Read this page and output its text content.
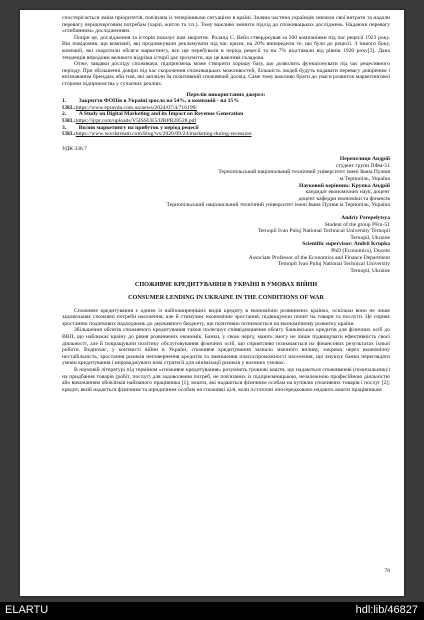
спостерігається зміна пріоритетів, пов'язана із теперішньою ситуацією в країні. Значна частина українців знизили свої витрати та надали перевагу першочерговим потребам (харчі, житло та т.п.). Тому важливо змінити підхід до споживацьких досліджень. Надаючи перевагу «глибинним» дослідженням.

Попри це, дослідження та історія показує нам зворотнє. Роланд С. Вейл стверджував за 200 компаніями під час рецесії 1923 року. Він повідомив, що компанії, які продовжували рекламувати під час кризи, на 20% випередили те, що було до рецесії. З іншого боку, компанії, які скоротили обсяги маркетингу, все ще перебували в період рецесії та на 7% відставали від рівнів 1920 року[3]. Дана тенденція впродовж великого відрізка історії дає зрозуміти, що це важлива складова.

Отже, завдяки досліду споживача, підприємець може створити хорошу базу, що дозволить функціонувати під час рецесивного періоду. При збільшенні довіри під час скорочення споживацьких можливостей, більшість людей будуть надавати перевагу довіреним і впізнаваним брендам, аби тим, які заплили їм позитивний споживчий досвід. Саме тому важливо брати до уваги розвиток маркетингової сторони підприємства у сучасних реаліях.

Перелік використаних джерел:

1.         Закриття ФОПів в Україні зросло на 54%, а компаній - на 15%

URL:https://www.epravda.com.ua/news/2024/07/4/716199/

2.         A Study on Digital Marketing and its Impact on Revenue Generation

URL:https://ijrpr.com/uploads/V5ISSUE5/IJRPR28528.pdf

3.         Вплив маркетингу на прибуток у період рецесії

URL:https://www.wordstream.com/blog/ws/2020/09/24/marketing-during-recession

УДК 336.7

Перепелиця Андрій
студент групи ПФм-51
Тернопільський національний технічний університет імені Івана Пулюя
м.Тернопіль, Україна
Науковий керівник: Крупка Андрій
кандидат економічних наук, доцент
доцент кафедри економіки та фінансів
Тернопільський національний технічний університет імені Івана Пулюя м.Тернопіль, Україна
Andriy Perepelytsya
Student of the group PFm-51
Ternopil Ivan Puluj National Technical University Ternopil
Ternopil, Ukraine
Scientific supervisor: Andrii Krupka
PhD (Economics), Docent
Associate Professor of the Economics and Finance Department
Ternopil Ivan Puluj National Technical University
Ternopil, Ukraine
СПОЖИВЧЕ КРЕДИТУВАННЯ В УКРАЇНІ В УМОВАХ ВІЙНИ
CONSUMER LENDING IN UKRAINE IN THE CONDITIONS OF WAR

Споживче кредитування є одним із найпоширеніших видів кредиту в економічно розвинених країнах, оскільки воно не лише задовольняє споживчі потреби населення, але й стимулює економічне зростання, підвищуючи попит на товари та послуги. Це сприяє зростанню податкових надходжень до державного бюджету, що позитивно позначається на економічному розвитку країни.

Збільшення обсягів споживчого кредитування також полегшує співвідношення обсягу банківських кредитів для фізичних осіб до ВВП, що наближає країну до рівня розвинених економік. Банки, у свою чергу, мають змогу не лише підвищувати ефективність своєї діяльності, але й покращувати політику обслуговування фізичних осіб, що сприятливо позначається на фінансових результатах їхньої роботи. Водночас, у контексті війни в Україні, споживче кредитування зазнало значного впливу, зокрема через економічну нестабільність, зростання ризиків неповернення кредитів та зменшення платоспроможності населення, що змушує банки переглядати умови кредитування і впроваджувати нові стратегії для мінімізації ризиків у воєнних умовах.

В науковій літературі під терміном «споживче кредитування» розуміють грошові кошти, що надаються споживачеві (позичальнику) на придбання товарів (робіт, послуг) для задоволення потреб, не пов'язаних із підприємницькою, незалежною професійною діяльністю або виконанням обов'язків найманого працівника [1]; кошти, які надаються фізичним особам на купівлю споживчих товарів і послуг [2]; кредит, який надається фізичним та юридичним особам на споживчі цілі, коли остаточні опосередковано надають кошти працівникам

78
ELARTU	hdl:lib/46827
